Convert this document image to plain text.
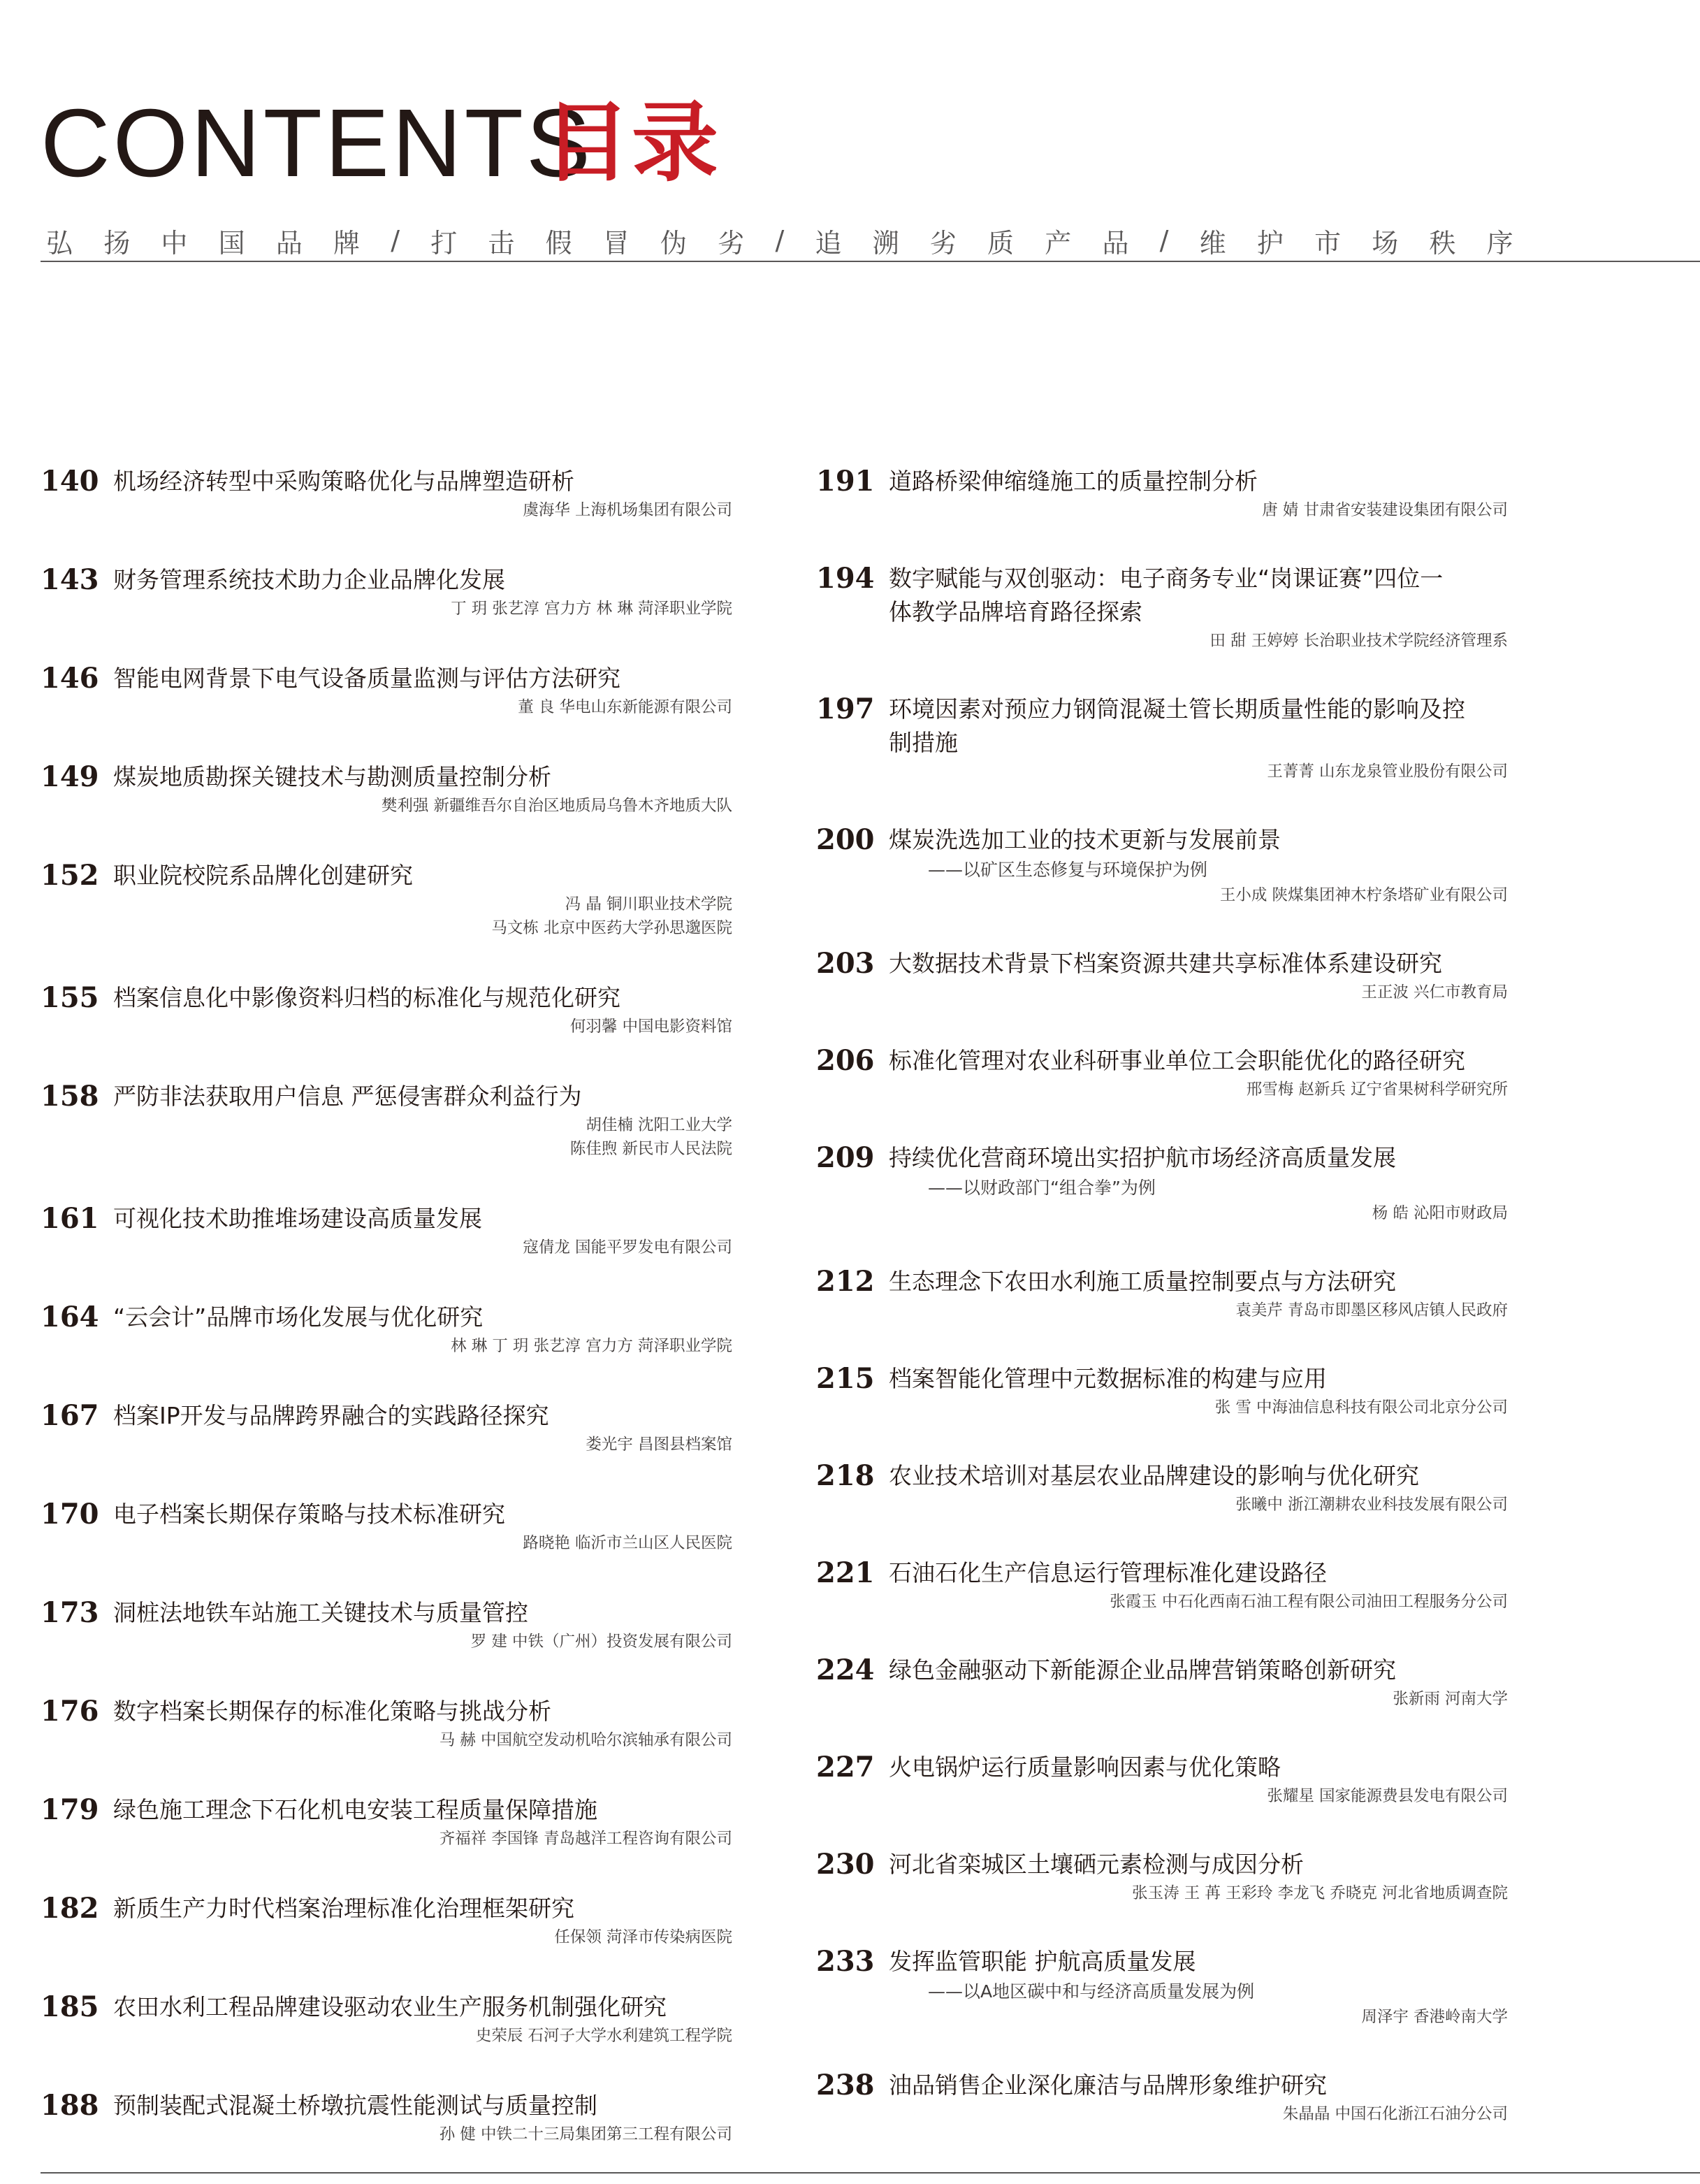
CONTENTS
目录
弘 扬 中 国 品 牌 / 打 击 假 冒 伪 劣 / 追 溯 劣 质 产 品 / 维 护 市 场 秩 序
140 机场经济转型中采购策略优化与品牌塑造研析
虞海华 上海机场集团有限公司
143 财务管理系统技术助力企业品牌化发展
丁 玥 张艺淳 宫力方 林 琳 菏泽职业学院
146 智能电网背景下电气设备质量监测与评估方法研究
董 良 华电山东新能源有限公司
149 煤炭地质勘探关键技术与勘测质量控制分析
樊利强 新疆维吾尔自治区地质局乌鲁木齐地质大队
152 职业院校院系品牌化创建研究
冯 晶 铜川职业技术学院
马文栋 北京中医药大学孙思邈医院
155 档案信息化中影像资料归档的标准化与规范化研究
何羽馨 中国电影资料馆
158 严防非法获取用户信息 严惩侵害群众利益行为
胡佳楠 沈阳工业大学
陈佳煦 新民市人民法院
161 可视化技术助推堆场建设高质量发展
寇倩龙 国能平罗发电有限公司
164 “云会计”品牌市场化发展与优化研究
林 琳 丁 玥 张艺淳 宫力方 菏泽职业学院
167 档案IP开发与品牌跨界融合的实践路径探究
娄光宇 昌图县档案馆
170 电子档案长期保存策略与技术标准研究
路晓艳 临沂市兰山区人民医院
173 洞桩法地铁车站施工关键技术与质量管控
罗 建 中铁（广州）投资发展有限公司
176 数字档案长期保存的标准化策略与挑战分析
马 赫 中国航空发动机哈尔滨轴承有限公司
179 绿色施工理念下石化机电安装工程质量保障措施
齐福祥 李国锋 青岛越洋工程咨询有限公司
182 新质生产力时代档案治理标准化治理框架研究
任保领 菏泽市传染病医院
185 农田水利工程品牌建设驱动农业生产服务机制强化研究
史荣辰 石河子大学水利建筑工程学院
188 预制装配式混凝土桥墩抗震性能测试与质量控制
孙 健 中铁二十三局集团第三工程有限公司
191 道路桥梁伸缩缝施工的质量控制分析
唐 婧 甘肃省安装建设集团有限公司
194 数字赋能与双创驱动：电子商务专业“岗课证赛”四位一
体教学品牌培育路径探索
田 甜 王婷婷 长治职业技术学院经济管理系
197 环境因素对预应力钢筒混凝土管长期质量性能的影响及控
制措施
王菁菁 山东龙泉管业股份有限公司
200 煤炭洗选加工业的技术更新与发展前景
——以矿区生态修复与环境保护为例
王小成 陕煤集团神木柠条塔矿业有限公司
203 大数据技术背景下档案资源共建共享标准体系建设研究
王正波 兴仁市教育局
206 标准化管理对农业科研事业单位工会职能优化的路径研究
邢雪梅 赵新兵 辽宁省果树科学研究所
209 持续优化营商环境出实招护航市场经济高质量发展
——以财政部门“组合拳”为例
杨 皓 沁阳市财政局
212 生态理念下农田水利施工质量控制要点与方法研究
袁美芹 青岛市即墨区移风店镇人民政府
215 档案智能化管理中元数据标准的构建与应用
张 雪 中海油信息科技有限公司北京分公司
218 农业技术培训对基层农业品牌建设的影响与优化研究
张曦中 浙江潮耕农业科技发展有限公司
221 石油石化生产信息运行管理标准化建设路径
张霞玉 中石化西南石油工程有限公司油田工程服务分公司
224 绿色金融驱动下新能源企业品牌营销策略创新研究
张新雨 河南大学
227 火电锅炉运行质量影响因素与优化策略
张耀星 国家能源费县发电有限公司
230 河北省栾城区土壤硒元素检测与成因分析
张玉涛 王 苒 王彩玲 李龙飞 乔晓克 河北省地质调查院
233 发挥监管职能 护航高质量发展
——以A地区碳中和与经济高质量发展为例
周泽宇 香港岭南大学
238 油品销售企业深化廉洁与品牌形象维护研究
朱晶晶 中国石化浙江石油分公司
